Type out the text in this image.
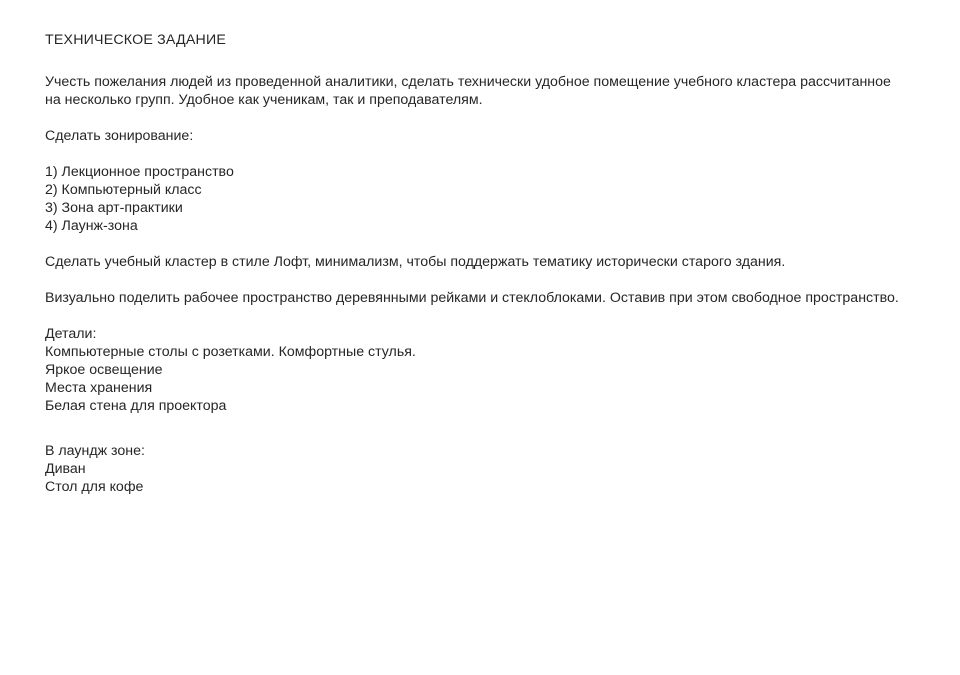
ТЕХНИЧЕСКОЕ ЗАДАНИЕ

Учесть пожелания людей из проведенной аналитики, сделать технически удобное помещение учебного кластера рассчитанное на несколько групп. Удобное как ученикам, так и преподавателям.

Сделать зонирование:

1) Лекционное пространство
2) Компьютерный класс
3) Зона арт-практики
4) Лаунж-зона

Сделать учебный кластер в стиле Лофт, минимализм, чтобы поддержать тематику исторически старого здания.

Визуально поделить рабочее пространство деревянными рейками и стеклоблоками. Оставив при этом свободное пространство.

Детали:

Компьютерные столы с розетками. Комфортные стулья.
Яркое освещение
Места хранения
Белая стена для проектора

В лаундж зоне:

Диван
Стол для кофе
